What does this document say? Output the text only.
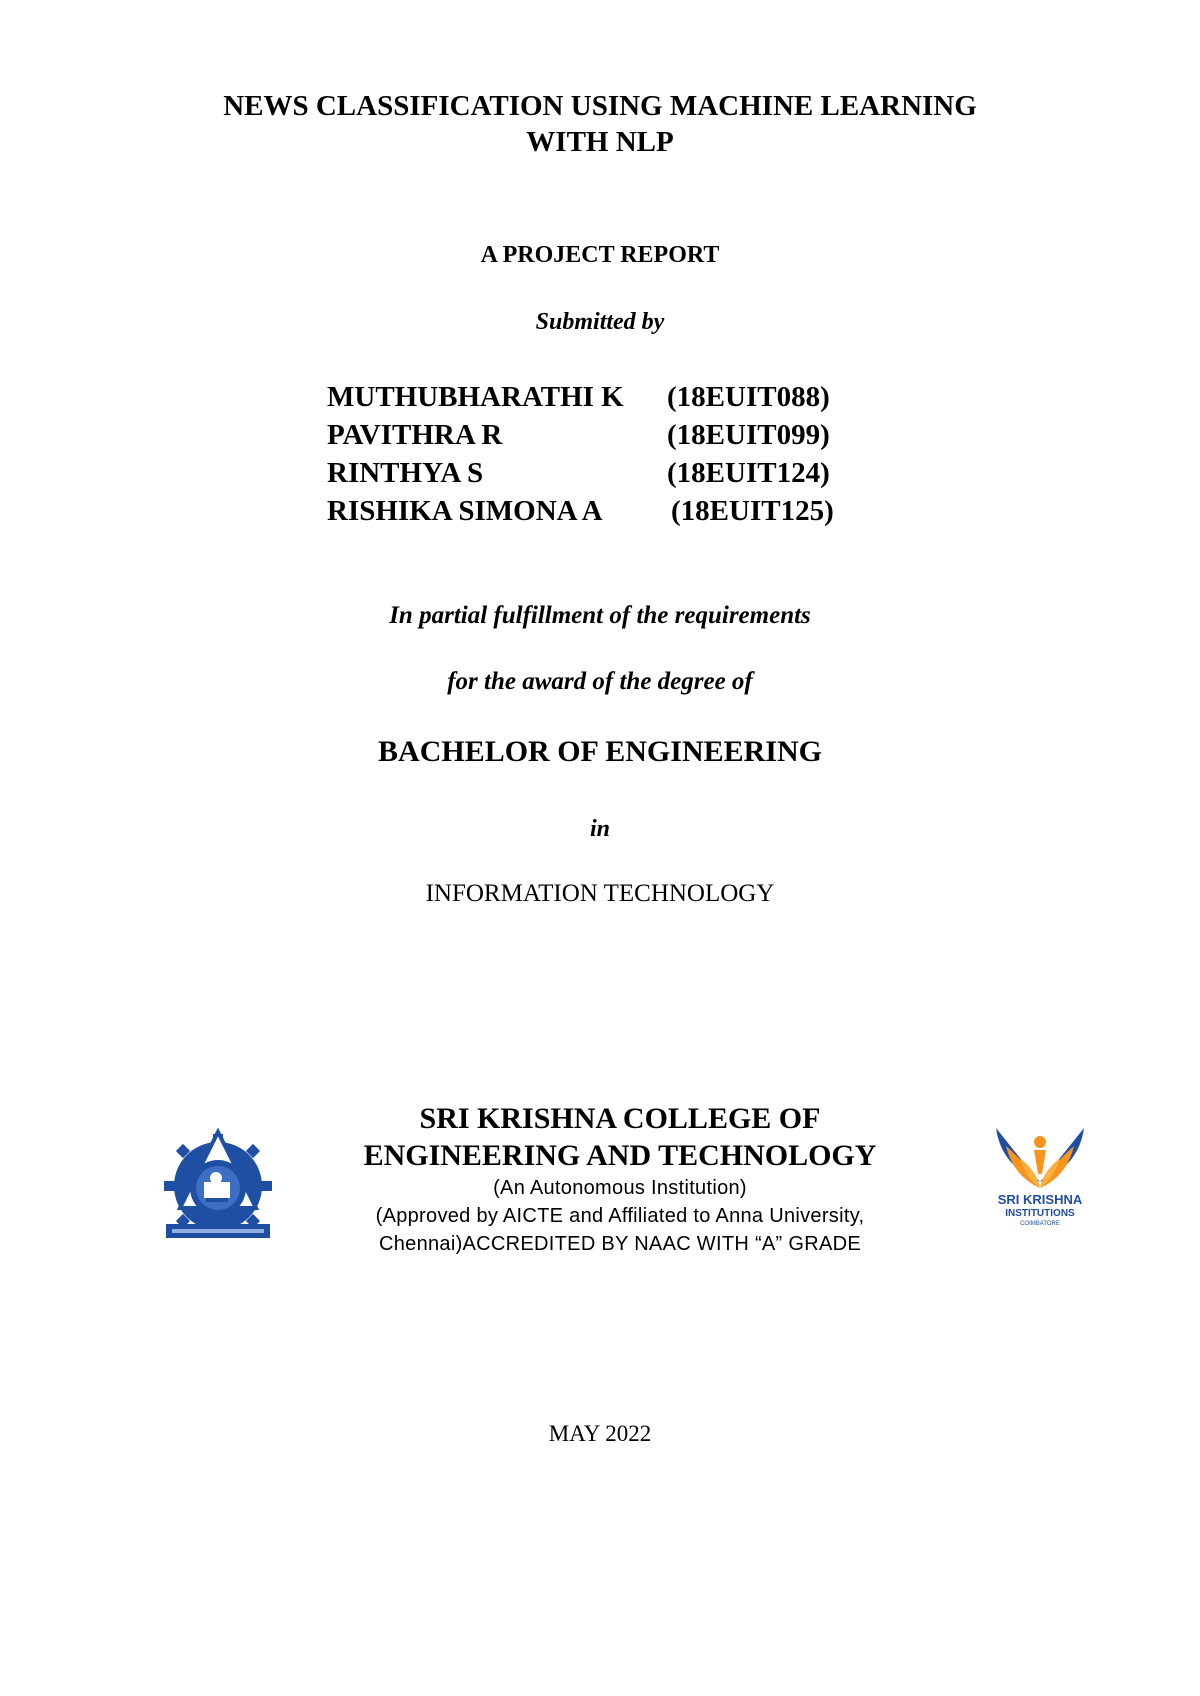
NEWS CLASSIFICATION USING MACHINE LEARNING
WITH NLP
A PROJECT REPORT
Submitted by
MUTHUBHARATHI K (18EUIT088)
PAVITHRA R	(18EUIT099)
RINTHYA S	(18EUIT124)
RISHIKA SIMONA A (18EUIT125)
In partial fulfillment of the requirements
for the award of the degree of
BACHELOR OF ENGINEERING
in
INFORMATION TECHNOLOGY
SRI KRISHNA COLLEGE OF
ENGINEERING AND TECHNOLOGY
(An Autonomous Institution)
(Approved by AICTE and Affiliated to Anna University,
Chennai)ACCREDITED BY NAAC WITH “A” GRADE
SRI KRISHNA
INSTITUTIONS
COIMBATORE
MAY 2022
